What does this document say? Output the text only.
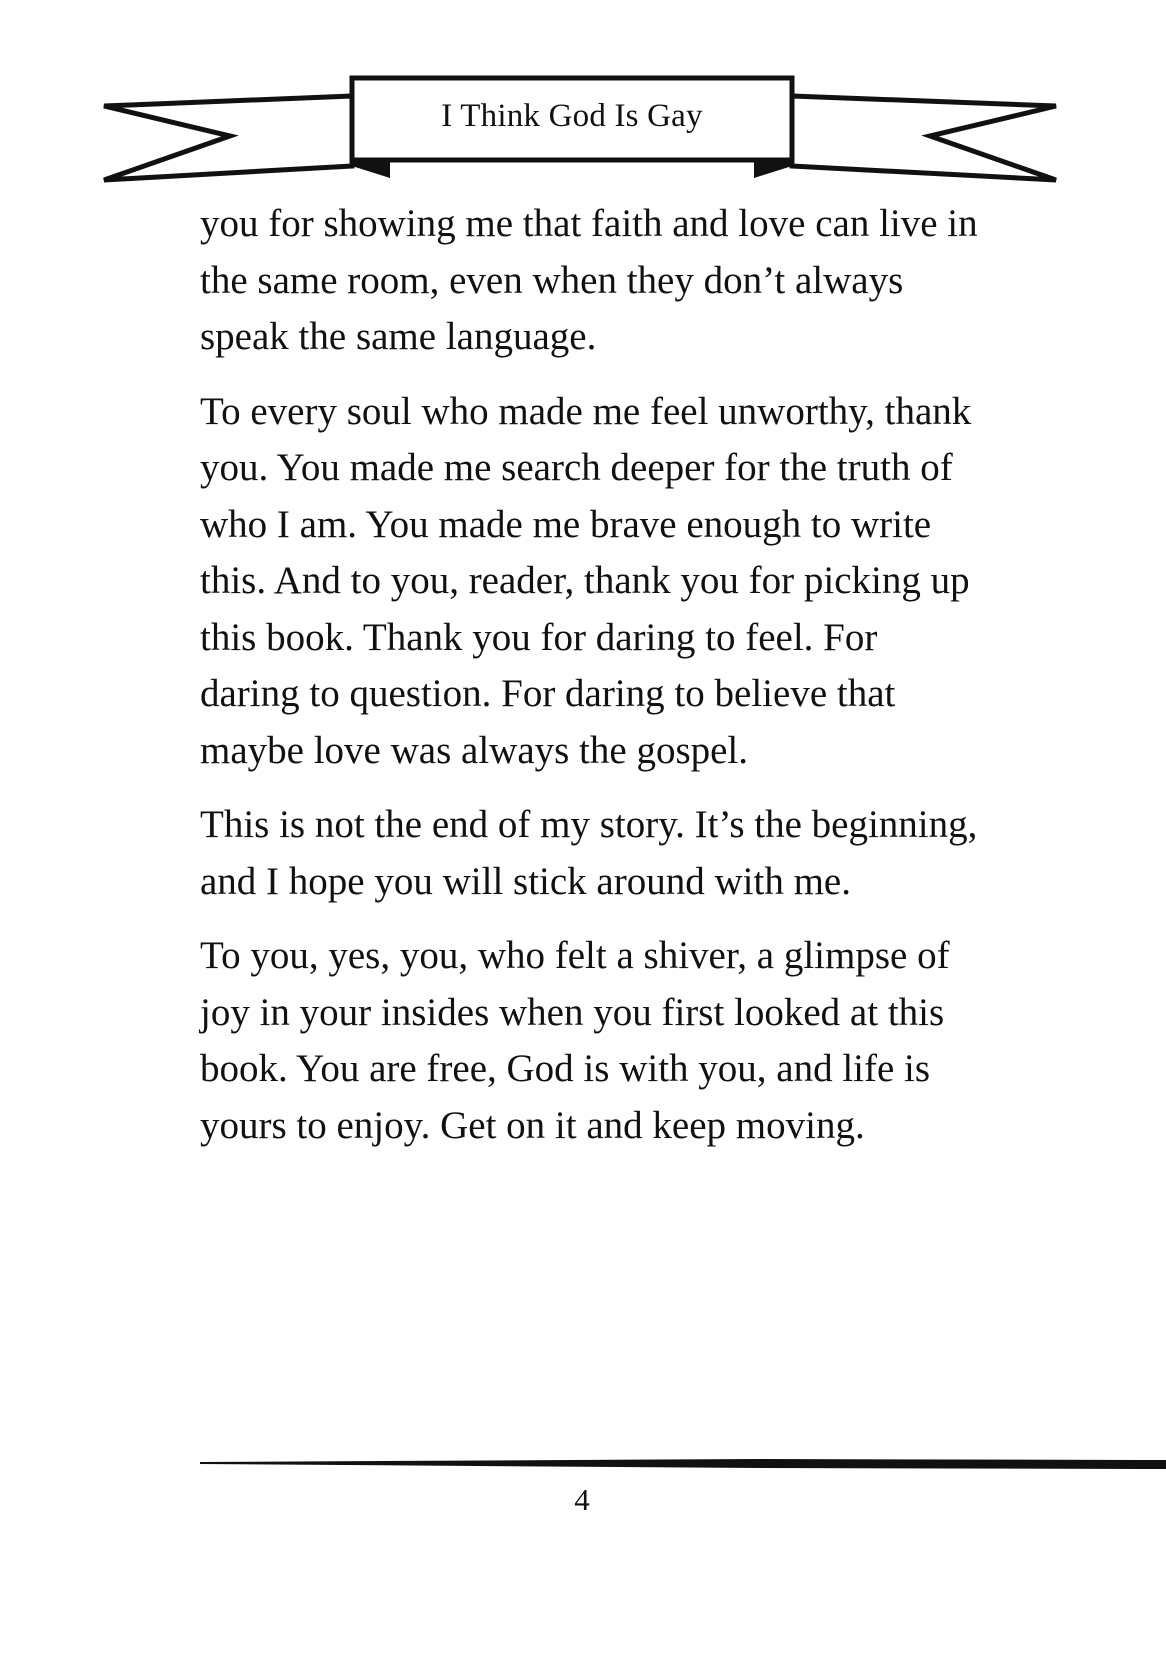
I Think God Is Gay

you for showing me that faith and love can live in the same room, even when they don’t always speak the same language.

To every soul who made me feel unworthy, thank you. You made me search deeper for the truth of who I am. You made me brave enough to write this. And to you, reader, thank you for picking up this book. Thank you for daring to feel. For daring to question. For daring to believe that maybe love was always the gospel.

This is not the end of my story. It’s the beginning, and I hope you will stick around with me.

To you, yes, you, who felt a shiver, a glimpse of joy in your insides when you first looked at this book. You are free, God is with you, and life is yours to enjoy. Get on it and keep moving.

4
